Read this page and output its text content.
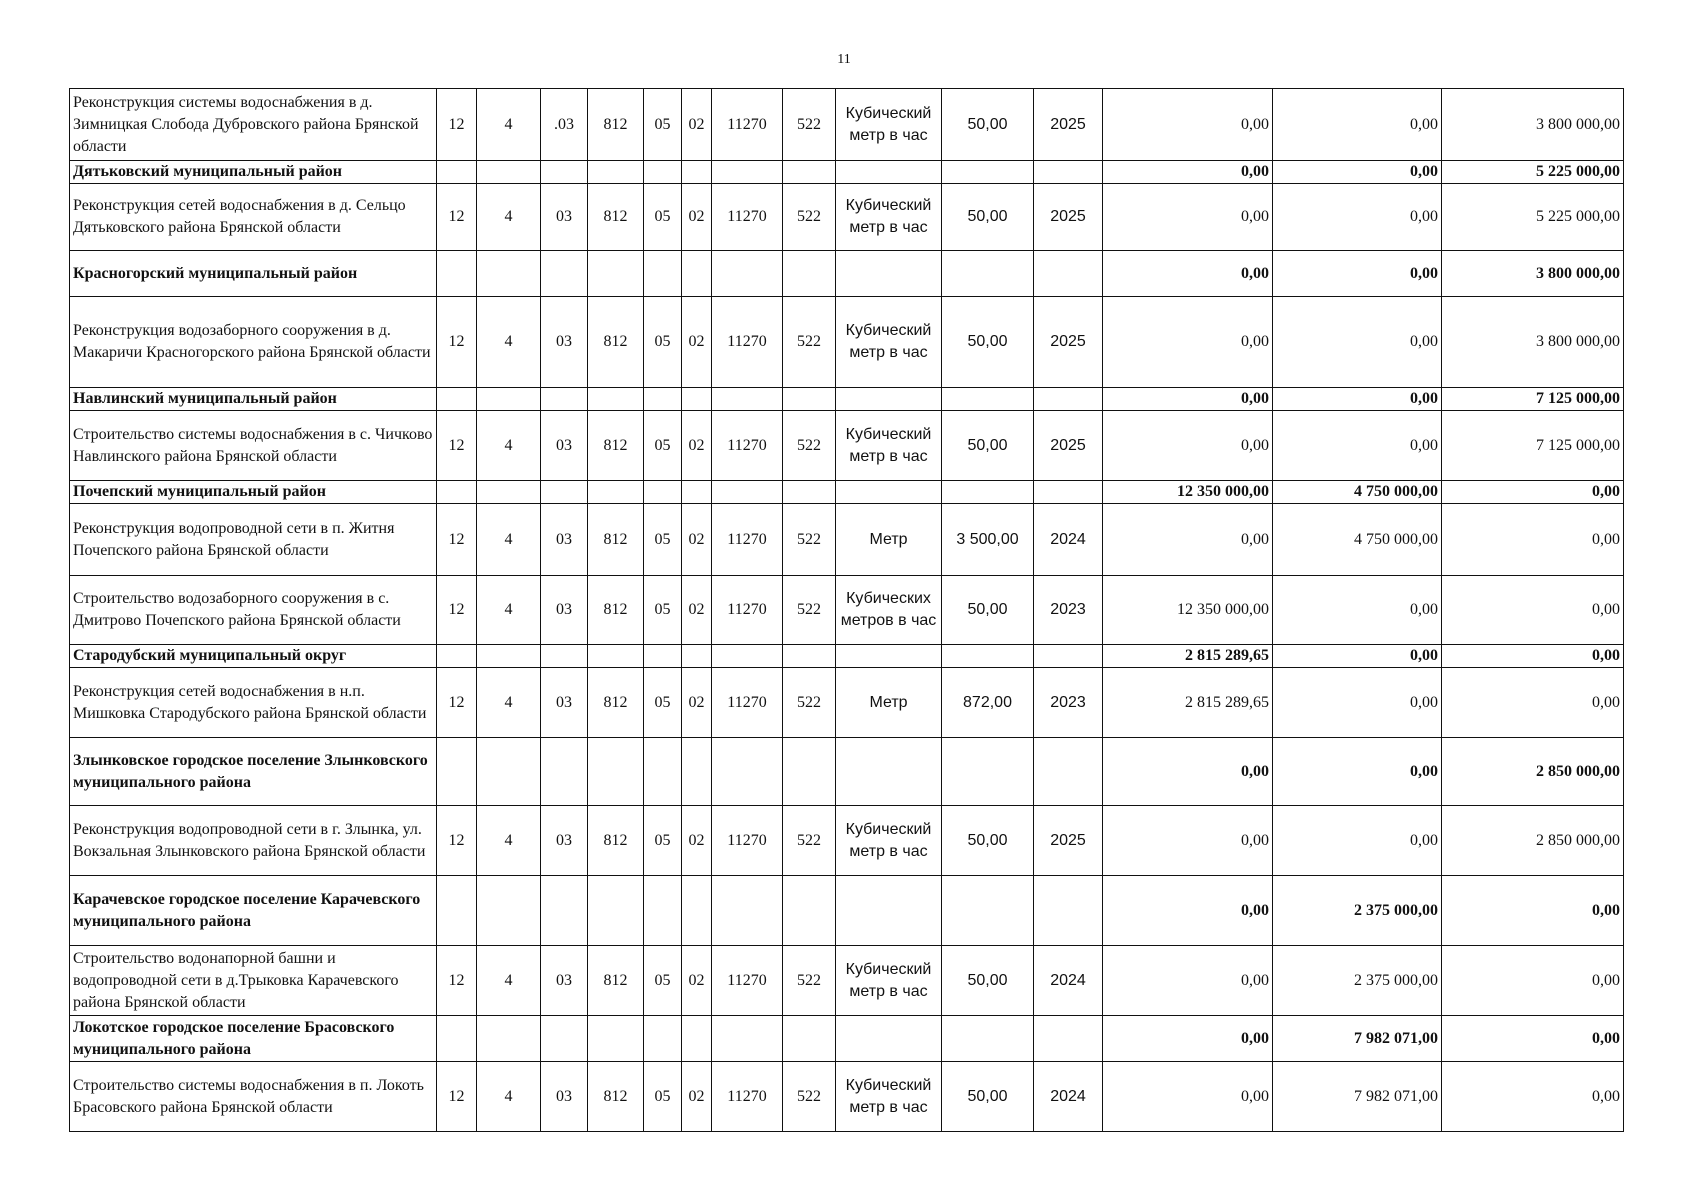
11
Реконструкция системы водоснабжения в д. Зимницкая Слобода Дубровского района Брянской области	12	4	.03	812	05	02	11270	522	Кубический метр в час	50,00	2025	0,00	0,00	3 800 000,00
Дятьковский муниципальный район												0,00	0,00	5 225 000,00
Реконструкция сетей водоснабжения в д. Сельцо Дятьковского района Брянской области	12	4	03	812	05	02	11270	522	Кубический метр в час	50,00	2025	0,00	0,00	5 225 000,00
Красногорский муниципальный район												0,00	0,00	3 800 000,00
Реконструкция водозаборного сооружения в д. Макаричи Красногорского района Брянской области	12	4	03	812	05	02	11270	522	Кубический метр в час	50,00	2025	0,00	0,00	3 800 000,00
Навлинский муниципальный район												0,00	0,00	7 125 000,00
Строительство системы водоснабжения в с. Чичково Навлинского района Брянской области	12	4	03	812	05	02	11270	522	Кубический метр в час	50,00	2025	0,00	0,00	7 125 000,00
Почепский муниципальный район												12 350 000,00	4 750 000,00	0,00
Реконструкция водопроводной сети в п. Житня Почепского района Брянской области	12	4	03	812	05	02	11270	522	Метр	3 500,00	2024	0,00	4 750 000,00	0,00
Строительство водозаборного сооружения в с. Дмитрово Почепского района Брянской области	12	4	03	812	05	02	11270	522	Кубических метров в час	50,00	2023	12 350 000,00	0,00	0,00
Стародубский муниципальный округ												2 815 289,65	0,00	0,00
Реконструкция сетей водоснабжения в н.п. Мишковка Стародубского района Брянской области	12	4	03	812	05	02	11270	522	Метр	872,00	2023	2 815 289,65	0,00	0,00
Злынковское городское поселение Злынковского муниципального района												0,00	0,00	2 850 000,00
Реконструкция водопроводной сети в г. Злынка, ул. Вокзальная Злынковского района Брянской области	12	4	03	812	05	02	11270	522	Кубический метр в час	50,00	2025	0,00	0,00	2 850 000,00
Карачевское городское поселение Карачевского муниципального района												0,00	2 375 000,00	0,00
Строительство водонапорной башни и водопроводной сети в д.Трыковка Карачевского района Брянской области	12	4	03	812	05	02	11270	522	Кубический метр в час	50,00	2024	0,00	2 375 000,00	0,00
Локотское городское поселение Брасовского муниципального района												0,00	7 982 071,00	0,00
Строительство системы водоснабжения в п. Локоть Брасовского района Брянской области	12	4	03	812	05	02	11270	522	Кубический метр в час	50,00	2024	0,00	7 982 071,00	0,00
